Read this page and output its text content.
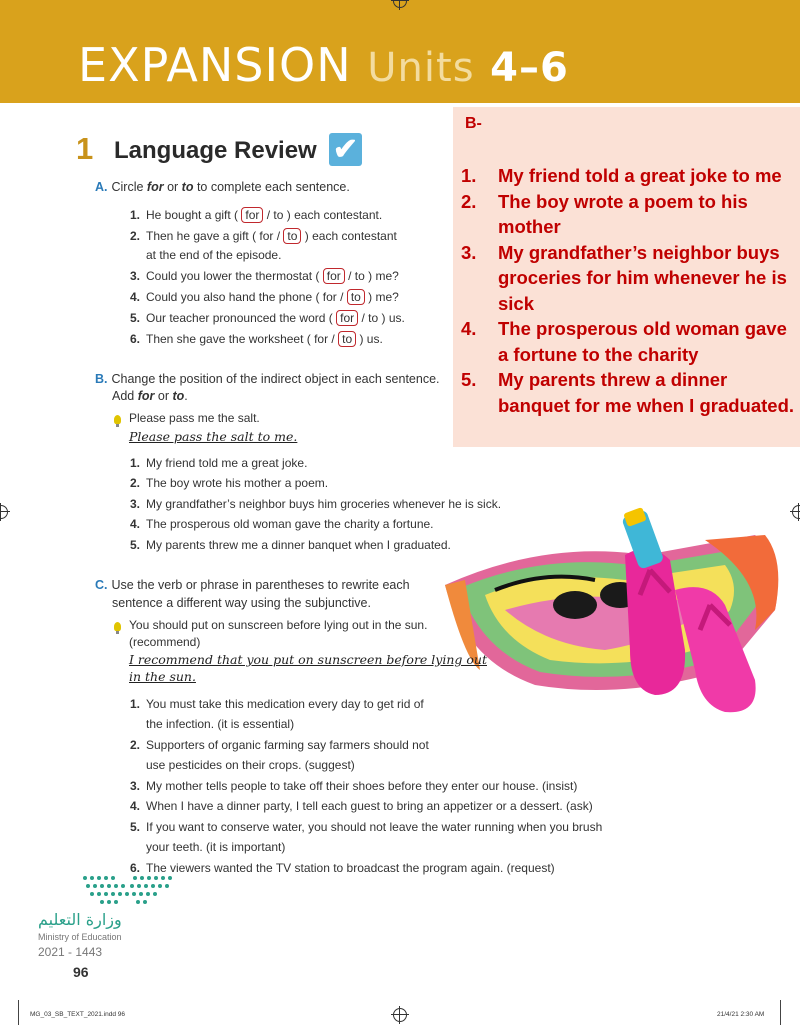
EXPANSION Units 4–6
1 Language Review ✔
B-
1. My friend told a great joke to me
2. The boy wrote a poem to his mother
3. My grandfather’s neighbor buys groceries for him whenever he is sick
4. The prosperous old woman gave a fortune to the charity
5. My parents threw a dinner banquet for me when I graduated.
A. Circle for or to to complete each sentence.
1. He bought a gift ( for / to ) each contestant.
2. Then he gave a gift ( for / to ) each contestant
at the end of the episode.
3. Could you lower the thermostat ( for / to ) me?
4. Could you also hand the phone ( for / to ) me?
5. Our teacher pronounced the word ( for / to ) us.
6. Then she gave the worksheet ( for / to ) us.
B. Change the position of the indirect object in each sentence.
Add for or to.
Please pass me the salt.
Please pass the salt to me.
1. My friend told me a great joke.
2. The boy wrote his mother a poem.
3. My grandfather’s neighbor buys him groceries whenever he is sick.
4. The prosperous old woman gave the charity a fortune.
5. My parents threw me a dinner banquet when I graduated.
C. Use the verb or phrase in parentheses to rewrite each
sentence a different way using the subjunctive.
You should put on sunscreen before lying out in the sun.
(recommend)
I recommend that you put on sunscreen before lying out
in the sun.
1. You must take this medication every day to get rid of
the infection. (it is essential)
2. Supporters of organic farming say farmers should not
use pesticides on their crops. (suggest)
3. My mother tells people to take off their shoes before they enter our house. (insist)
4. When I have a dinner party, I tell each guest to bring an appetizer or a dessert. (ask)
5. If you want to conserve water, you should not leave the water running when you brush
your teeth. (it is important)
6. The viewers wanted the TV station to broadcast the program again. (request)
وزارة التعليم
Ministry of Education
2021 - 1443
96
MG_03_SB_TEXT_2021.indd 96	21/4/21 2:30 AM
